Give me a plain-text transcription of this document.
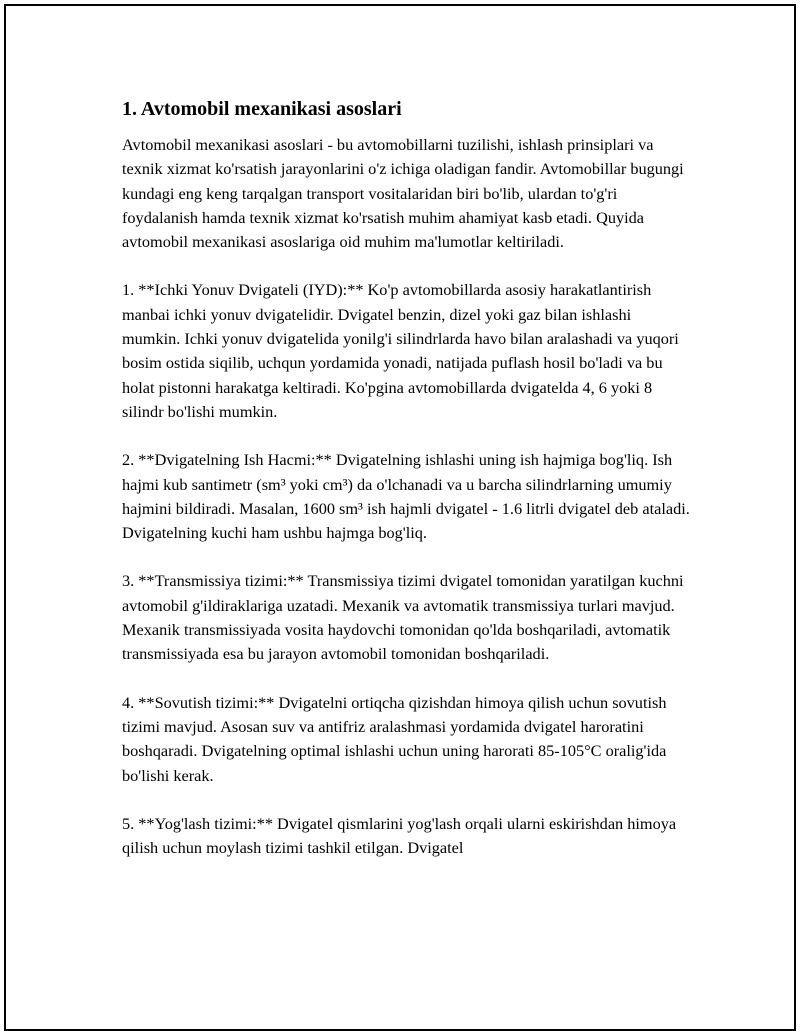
1. Avtomobil mexanikasi asoslari

Avtomobil mexanikasi asoslari - bu avtomobillarni tuzilishi, ishlash prinsiplari va texnik xizmat ko'rsatish jarayonlarini o'z ichiga oladigan fandir. Avtomobillar bugungi kundagi eng keng tarqalgan transport vositalaridan biri bo'lib, ulardan to'g'ri foydalanish hamda texnik xizmat ko'rsatish muhim ahamiyat kasb etadi. Quyida avtomobil mexanikasi asoslariga oid muhim ma'lumotlar keltiriladi.

1. **Ichki Yonuv Dvigateli (IYD):** Ko'p avtomobillarda asosiy harakatlantirish manbai ichki yonuv dvigatelidir. Dvigatel benzin, dizel yoki gaz bilan ishlashi mumkin. Ichki yonuv dvigatelida yonilg'i silindrlarda havo bilan aralashadi va yuqori bosim ostida siqilib, uchqun yordamida yonadi, natijada puflash hosil bo'ladi va bu holat pistonni harakatga keltiradi. Ko'pgina avtomobillarda dvigatelda 4, 6 yoki 8 silindr bo'lishi mumkin.

2. **Dvigatelning Ish Hacmi:** Dvigatelning ishlashi uning ish hajmiga bog'liq. Ish hajmi kub santimetr (sm³ yoki cm³) da o'lchanadi va u barcha silindrlarning umumiy hajmini bildiradi. Masalan, 1600 sm³ ish hajmli dvigatel - 1.6 litrli dvigatel deb ataladi. Dvigatelning kuchi ham ushbu hajmga bog'liq.

3. **Transmissiya tizimi:** Transmissiya tizimi dvigatel tomonidan yaratilgan kuchni avtomobil g'ildiraklariga uzatadi. Mexanik va avtomatik transmissiya turlari mavjud. Mexanik transmissiyada vosita haydovchi tomonidan qo'lda boshqariladi, avtomatik transmissiyada esa bu jarayon avtomobil tomonidan boshqariladi.

4. **Sovutish tizimi:** Dvigatelni ortiqcha qizishdan himoya qilish uchun sovutish tizimi mavjud. Asosan suv va antifriz aralashmasi yordamida dvigatel haroratini boshqaradi. Dvigatelning optimal ishlashi uchun uning harorati 85-105°C oralig'ida bo'lishi kerak.

5. **Yog'lash tizimi:** Dvigatel qismlarini yog'lash orqali ularni eskirishdan himoya qilish uchun moylash tizimi tashkil etilgan. Dvigatel
